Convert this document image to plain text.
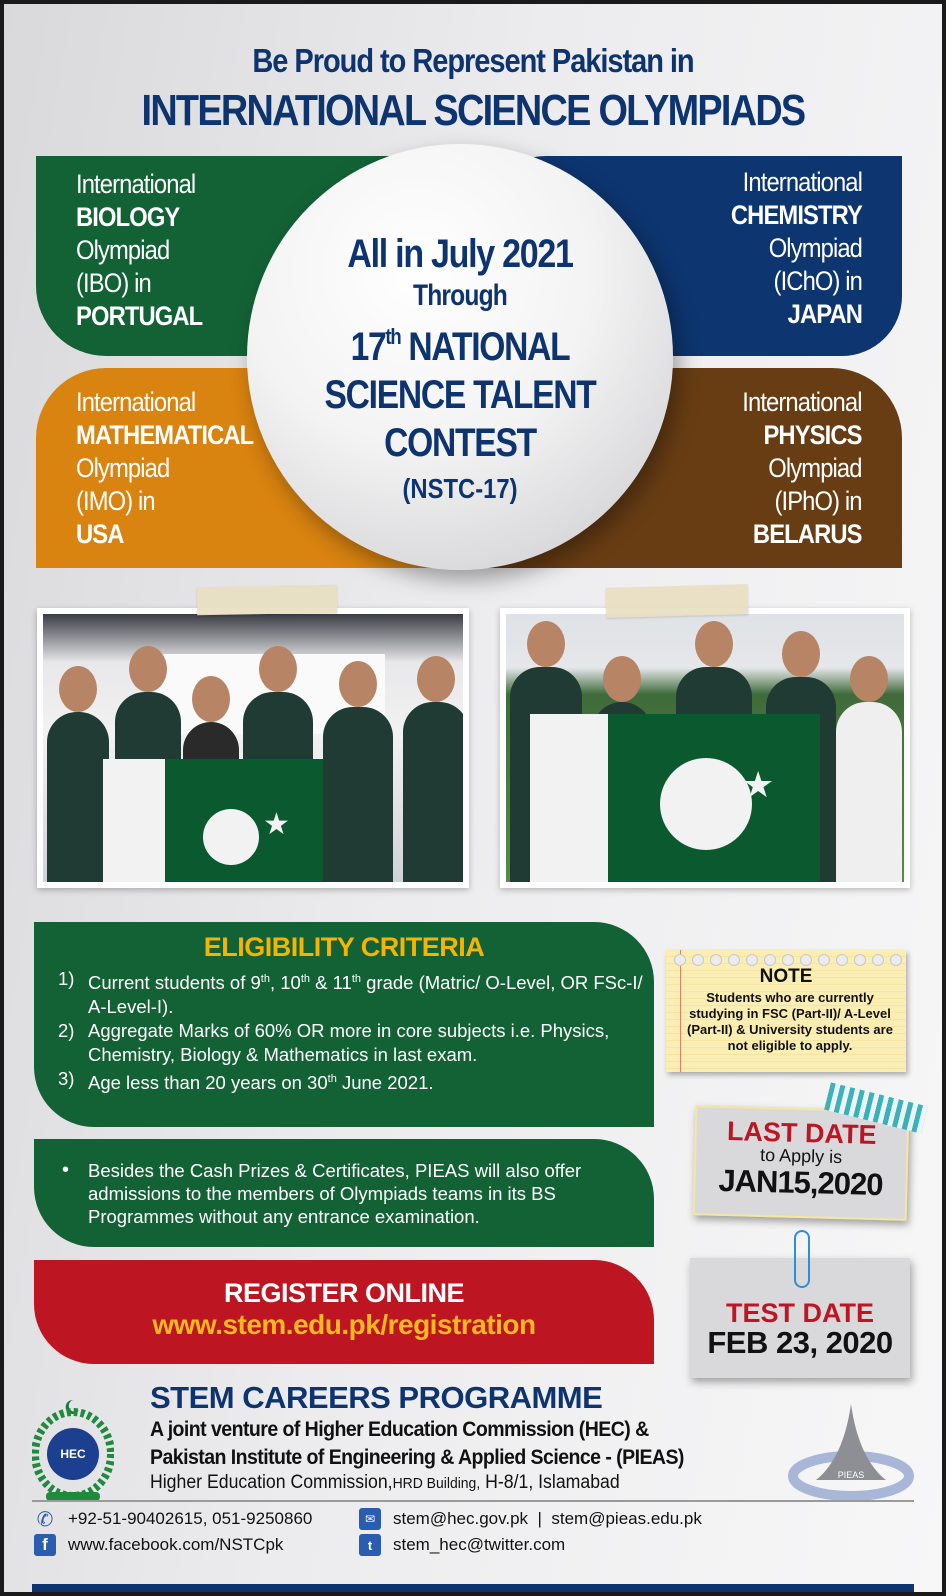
Be Proud to Represent Pakistan in
INTERNATIONAL SCIENCE OLYMPIADS
International
BIOLOGY
Olympiad
(IBO) in
PORTUGAL
International
CHEMISTRY
Olympiad
(IChO) in
JAPAN
International
MATHEMATICAL
Olympiad
(IMO) in
USA
International
PHYSICS
Olympiad
(IPhO) in
BELARUS
All in July 2021
Through
17th NATIONAL
SCIENCE TALENT
CONTEST
(NSTC-17)
★
★
ELIGIBILITY CRITERIA
1) Current students of 9th, 10th & 11th grade (Matric/ O-Level, OR FSc-I/ A-Level-I).
2) Aggregate Marks of 60% OR more in core subjects i.e. Physics, Chemistry, Biology & Mathematics in last exam.
3) Age less than 20 years on 30th June 2021.
•	Besides the Cash Prizes & Certificates, PIEAS will also offer admissions to the members of Olympiads teams in its BS Programmes without any entrance examination.
REGISTER ONLINE
www.stem.edu.pk/registration
NOTE
Students who are currently studying in FSC (Part-II)/ A-Level (Part-II) & University students are not eligible to apply.
LAST DATE
to Apply is
JAN15,2020
TEST DATE
FEB 23, 2020
HEC
STEM CAREERS PROGRAMME
A joint venture of Higher Education Commission (HEC) &
Pakistan Institute of Engineering & Applied Science - (PIEAS)
Higher Education Commission,HRD Building, H-8/1, Islamabad	PIEAS
✆ +92-51-90402615, 051-9250860
f	www.facebook.com/NSTCpk
✉	stem@hec.gov.pk  |  stem@pieas.edu.pk
t	stem_hec@twitter.com
